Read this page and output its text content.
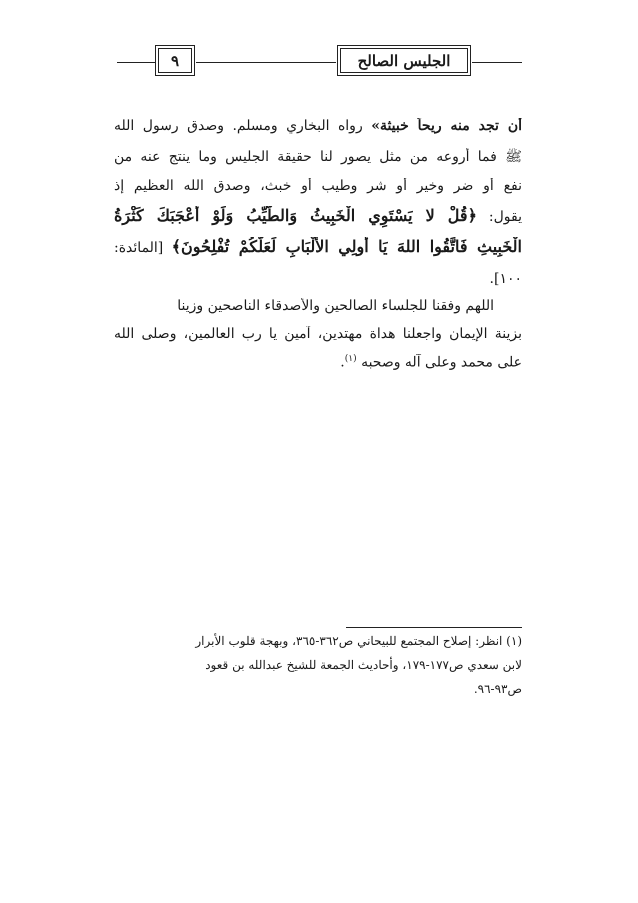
٩	الجليس الصالح
أن تجد منه ريحاً خبيثة» رواه البخاري ومسلم. وصدق رسول الله
ﷺ فما أروعه من مثل يصور لنا حقيقة الجليس وما ينتج عنه من
نفع أو ضر وخير أو شر وطيب أو خبث، وصدق الله العظيم إذ
يقول: ﴿قُلْ لا يَسْتَوِي الْخَبِيثُ وَالطَّيِّبُ وَلَوْ أَعْجَبَكَ كَثْرَةُ
الْخَبِيثِ فَاتَّقُوا اللهَ يَا أُولِي الأَلْبَابِ لَعَلَّكُمْ تُفْلِحُونَ﴾ [المائدة:
١٠٠].
اللهم وفقنا للجلساء الصالحين والأصدقاء الناصحين وزينا
بزينة الإيمان واجعلنا هداة مهتدين، آمين يا رب العالمين، وصلى الله
على محمد وعلى آله وصحبه $^{(١)}$.
(١) انظر: إصلاح المجتمع للبيحاني ص٣٦٢-٣٦٥، وبهجة قلوب الأبرار
لابن سعدي ص١٧٧-١٧٩، وأحاديث الجمعة للشيخ عبدالله بن قعود
ص٩٣-٩٦.
